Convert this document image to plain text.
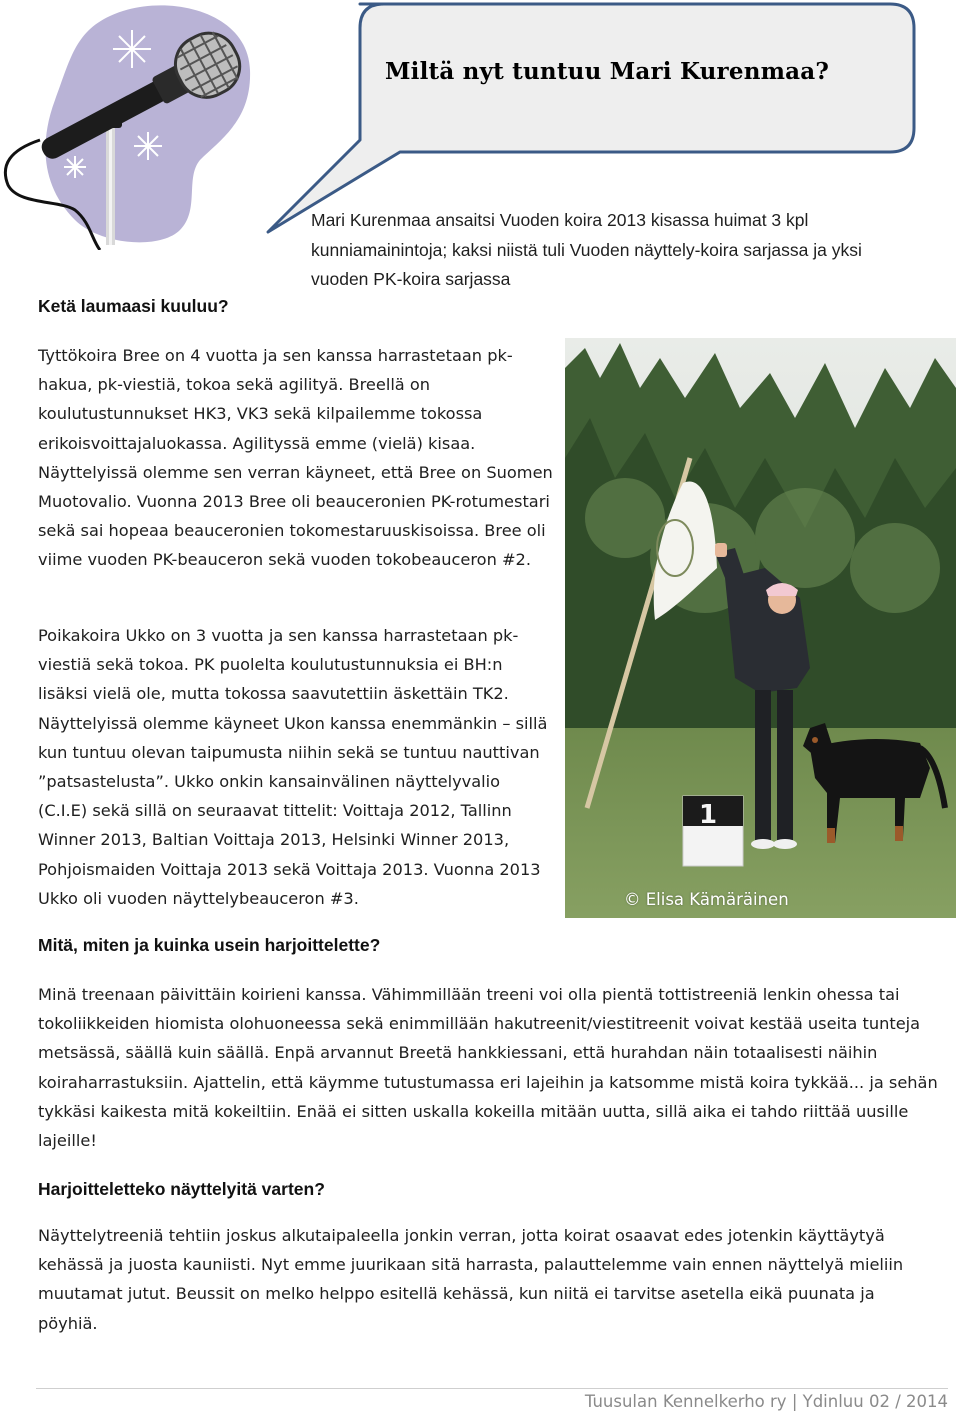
Miltä nyt tuntuu Mari Kurenmaa?
Mari Kurenmaa ansaitsi Vuoden koira 2013 kisassa huimat 3 kpl kunniamainintoja; kaksi niistä tuli Vuoden näyttely-koira sarjassa ja yksi vuoden PK-koira sarjassa
Ketä laumaasi kuuluu?

Tyttökoira Bree on 4 vuotta ja sen kanssa harrastetaan pk-hakua, pk-viestiä, tokoa sekä agilityä. Breellä on koulutustunnukset HK3, VK3 sekä kilpailemme tokossa erikoisvoittajaluokassa. Agilityssä emme (vielä) kisaa. Näyttelyissä olemme sen verran käyneet, että Bree on Suomen Muotovalio. Vuonna 2013 Bree oli beauceronien PK-rotumestari sekä sai hopeaa beauceronien tokomestaruuskisoissa. Bree oli viime vuoden PK-beauceron sekä vuoden tokobeauceron #2.

Poikakoira Ukko on 3 vuotta ja sen kanssa harrastetaan pk-viestiä sekä tokoa. PK puolelta koulutustunnuksia ei BH:n lisäksi vielä ole, mutta tokossa saavutettiin äskettäin TK2. Näyttelyissä olemme käyneet Ukon kanssa enemmänkin – sillä kun tuntuu olevan taipumusta niihin sekä se tuntuu nauttivan ”patsastelusta”. Ukko onkin kansainvälinen näyttelyvalio (C.I.E) sekä sillä on seuraavat tittelit: Voittaja 2012, Tallinn Winner 2013, Baltian Voittaja 2013, Helsinki Winner 2013, Pohjoismaiden Voittaja 2013 sekä Voittaja 2013. Vuonna 2013 Ukko oli vuoden näyttelybeauceron #3.

1
© Elisa Kämäräinen
Mitä, miten ja kuinka usein harjoittelette?

Minä treenaan päivittäin koirieni kanssa. Vähimmillään treeni voi olla pientä tottistreeniä lenkin ohessa tai tokoliikkeiden hiomista olohuoneessa sekä enimmillään hakutreenit/viestitreenit voivat kestää useita tunteja metsässä, säällä kuin säällä. Enpä arvannut Breetä hankkiessani, että hurahdan näin totaalisesti näihin koiraharrastuksiin. Ajattelin, että käymme tutustumassa eri lajeihin ja katsomme mistä koira tykkää... ja sehän tykkäsi kaikesta mitä kokeiltiin. Enää ei sitten uskalla kokeilla mitään uutta, sillä aika ei tahdo riittää uusille lajeille!

Harjoitteletteko näyttelyitä varten?

Näyttelytreeniä tehtiin joskus alkutaipaleella jonkin verran, jotta koirat osaavat edes jotenkin käyttäytyä kehässä ja juosta kauniisti. Nyt emme juurikaan sitä harrasta, palauttelemme vain ennen näyttelyä mieliin muutamat jutut. Beussit on melko helppo esitellä kehässä, kun niitä ei tarvitse asetella eikä puunata ja pöyhiä.

Tuusulan Kennelkerho ry | Ydinluu 02 / 2014
